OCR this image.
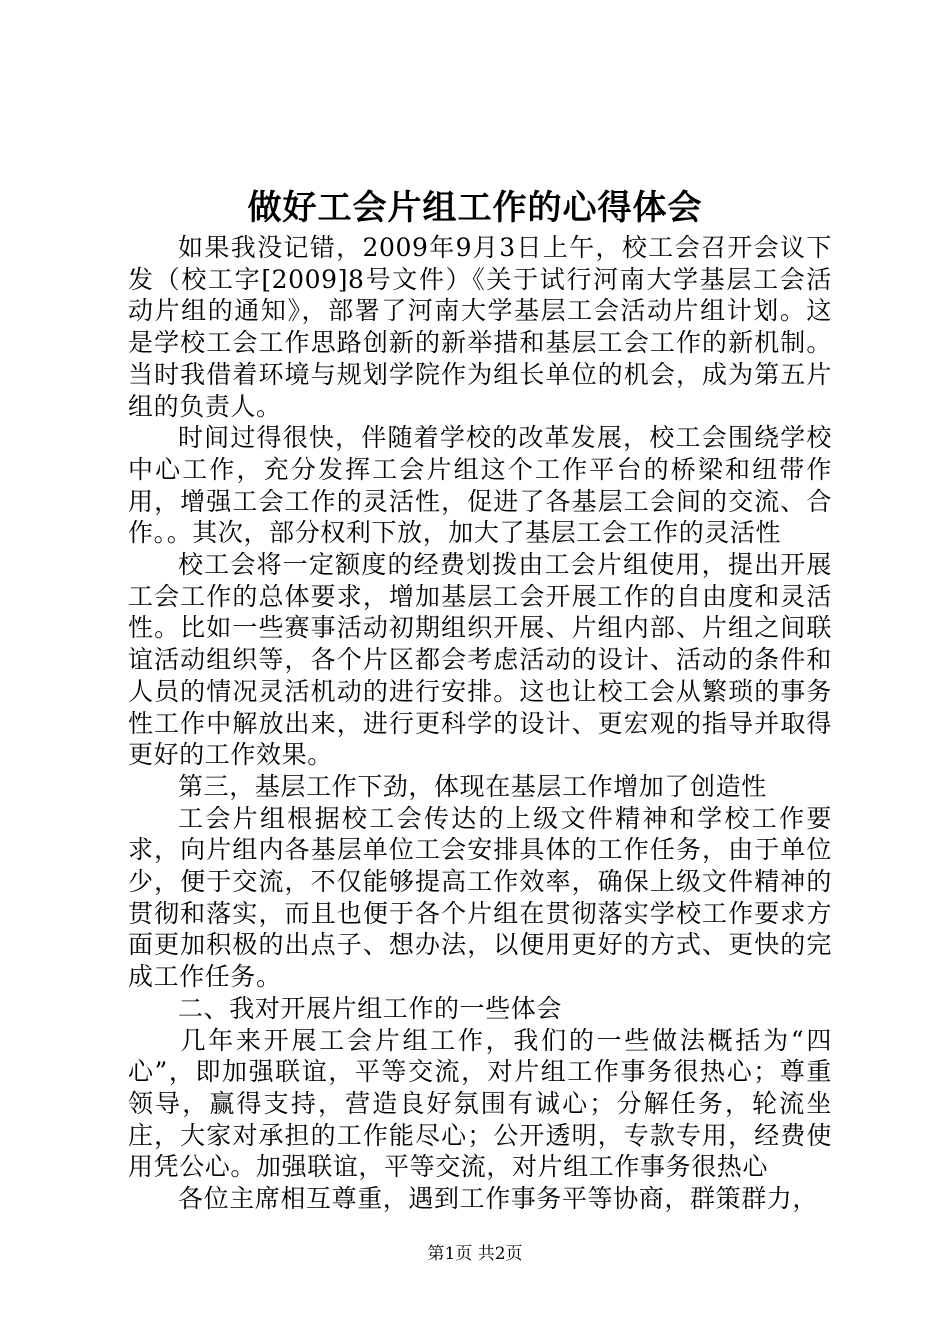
做好工会片组工作的心得体会

如果我没记错，2009年9月3日上午，校工会召开会议下发（校工字[2009]8号文件）《关于试行河南大学基层工会活动片组的通知》，部署了河南大学基层工会活动片组计划。这是学校工会工作思路创新的新举措和基层工会工作的新机制。当时我借着环境与规划学院作为组长单位的机会，成为第五片组的负责人。

时间过得很快，伴随着学校的改革发展，校工会围绕学校中心工作，充分发挥工会片组这个工作平台的桥梁和纽带作用，增强工会工作的灵活性，促进了各基层工会间的交流、合作。。其次，部分权利下放，加大了基层工会工作的灵活性

校工会将一定额度的经费划拨由工会片组使用，提出开展工会工作的总体要求，增加基层工会开展工作的自由度和灵活性。比如一些赛事活动初期组织开展、片组内部、片组之间联谊活动组织等，各个片区都会考虑活动的设计、活动的条件和人员的情况灵活机动的进行安排。这也让校工会从繁琐的事务性工作中解放出来，进行更科学的设计、更宏观的指导并取得更好的工作效果。

第三，基层工作下劲，体现在基层工作增加了创造性

工会片组根据校工会传达的上级文件精神和学校工作要求，向片组内各基层单位工会安排具体的工作任务，由于单位少，便于交流，不仅能够提高工作效率，确保上级文件精神的贯彻和落实，而且也便于各个片组在贯彻落实学校工作要求方面更加积极的出点子、想办法，以便用更好的方式、更快的完成工作任务。

二、我对开展片组工作的一些体会

几年来开展工会片组工作，我们的一些做法概括为“四心”，即加强联谊，平等交流，对片组工作事务很热心；尊重领导，赢得支持，营造良好氛围有诚心；分解任务，轮流坐庄，大家对承担的工作能尽心；公开透明，专款专用，经费使用凭公心。加强联谊，平等交流，对片组工作事务很热心

各位主席相互尊重，遇到工作事务平等协商，群策群力，

第1页 共2页
